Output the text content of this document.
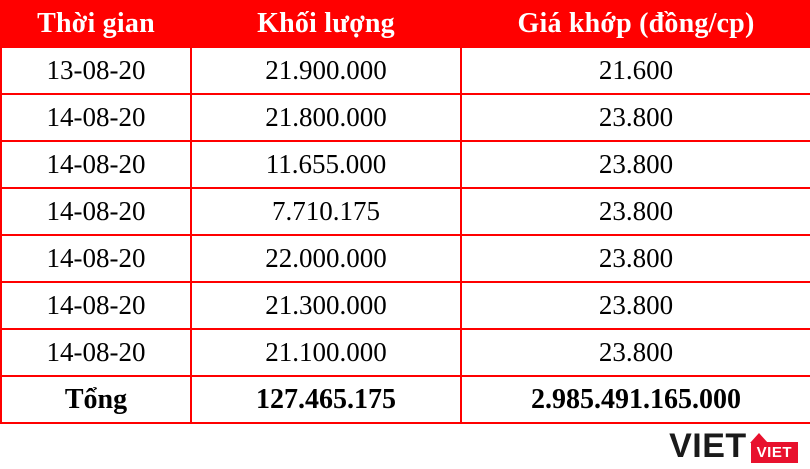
Thời gian	Khối lượng	Giá khớp (đồng/cp)
13-08-20	21.900.000	21.600
14-08-20	21.800.000	23.800
14-08-20	11.655.000	23.800
14-08-20	7.710.175	23.800
14-08-20	22.000.000	23.800
14-08-20	21.300.000	23.800
14-08-20	21.100.000	23.800
Tổng	127.465.175	2.985.491.165.000
VIET VIET
